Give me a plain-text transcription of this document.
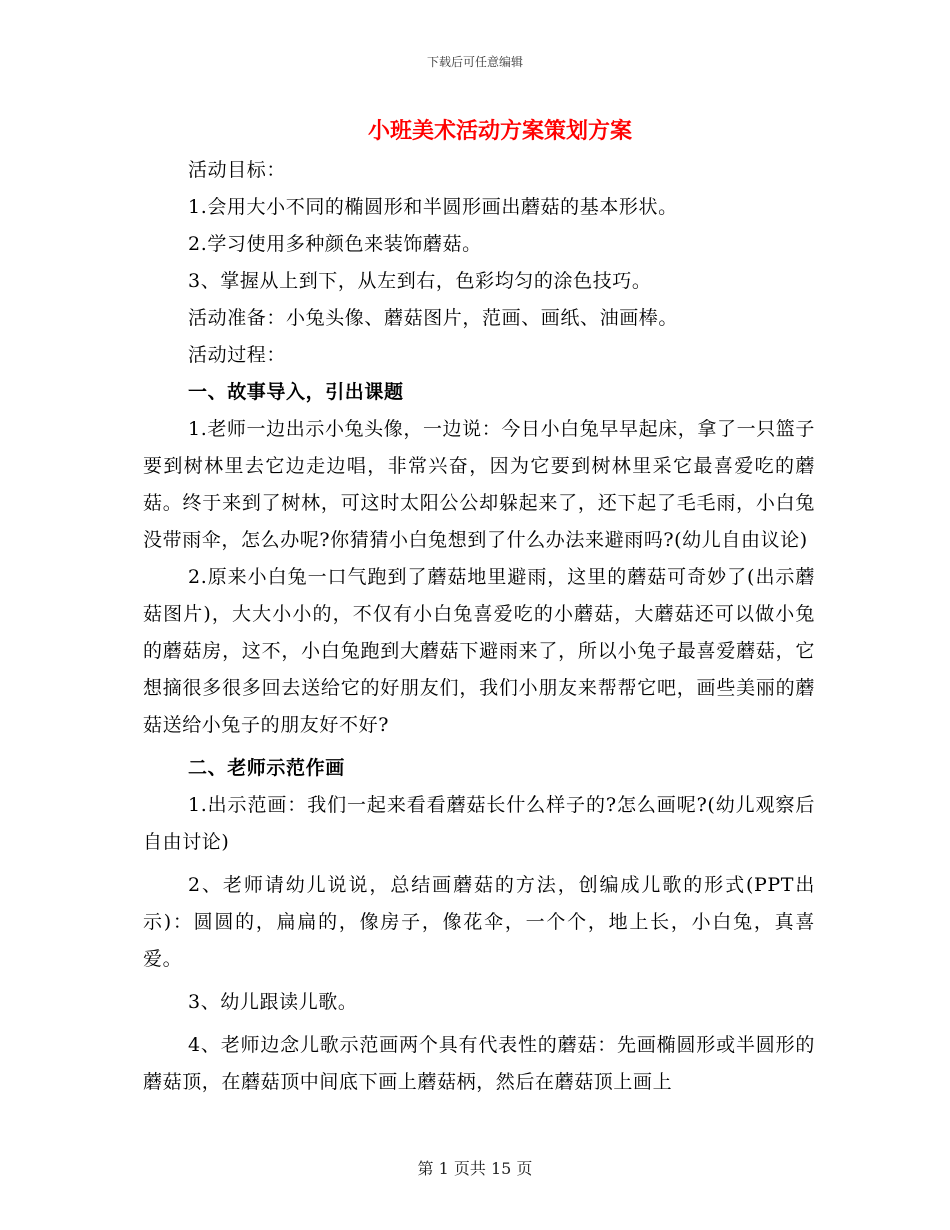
下载后可任意编辑
小班美术活动方案策划方案

活动目标：

1.会用大小不同的椭圆形和半圆形画出蘑菇的基本形状。

2.学习使用多种颜色来装饰蘑菇。

3、掌握从上到下，从左到右，色彩均匀的涂色技巧。

活动准备：小兔头像、蘑菇图片，范画、画纸、油画棒。

活动过程：

一、故事导入，引出课题

1.老师一边出示小兔头像，一边说：今日小白兔早早起床，拿了一只篮子要到树林里去它边走边唱，非常兴奋，因为它要到树林里采它最喜爱吃的蘑菇。终于来到了树林，可这时太阳公公却躲起来了，还下起了毛毛雨，小白兔没带雨伞，怎么办呢?你猜猜小白兔想到了什么办法来避雨吗?(幼儿自由议论)

2.原来小白兔一口气跑到了蘑菇地里避雨，这里的蘑菇可奇妙了(出示蘑菇图片)，大大小小的，不仅有小白兔喜爱吃的小蘑菇，大蘑菇还可以做小兔的蘑菇房，这不，小白兔跑到大蘑菇下避雨来了，所以小兔子最喜爱蘑菇，它想摘很多很多回去送给它的好朋友们，我们小朋友来帮帮它吧，画些美丽的蘑菇送给小兔子的朋友好不好?

二、老师示范作画

1.出示范画：我们一起来看看蘑菇长什么样子的?怎么画呢?(幼儿观察后自由讨论)

2、老师请幼儿说说，总结画蘑菇的方法，创编成儿歌的形式(PPT出示)：圆圆的，扁扁的，像房子，像花伞，一个个，地上长，小白兔，真喜爱。

3、幼儿跟读儿歌。

4、老师边念儿歌示范画两个具有代表性的蘑菇：先画椭圆形或半圆形的蘑菇顶，在蘑菇顶中间底下画上蘑菇柄，然后在蘑菇顶上画上

第 1 页共 15 页
